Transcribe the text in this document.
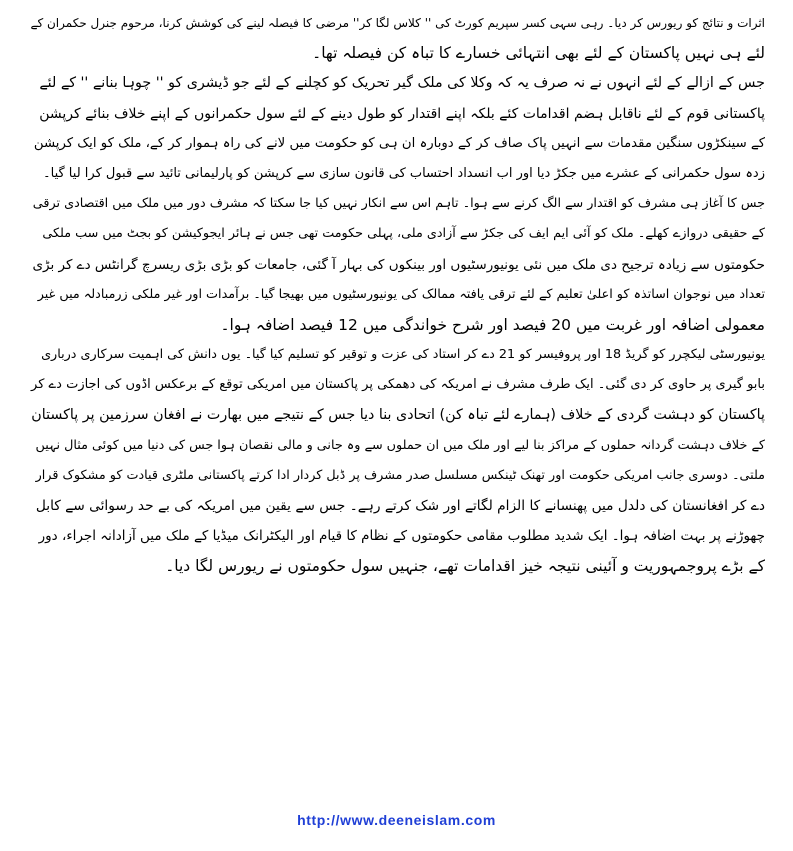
اثرات و نتائج کو ریورس کر دیا۔ رہی سہی کسر سپریم کورٹ کی '' کلاس لگا کر'' مرضی کا فیصلہ لینے کی کوشش کرنا، مرحوم جنرل حکمران کے
لئے ہی نہیں پاکستان کے لئے بھی انتہائی خسارے کا تباہ کن فیصلہ تھا۔
جس کے ازالے کے لئے انہوں نے نہ صرف یہ کہ وکلا کی ملک گیر تحریک کو کچلنے کے لئے جو ڈیشری کو '' چوہا بنانے '' کے لئے
پاکستانی قوم کے لئے ناقابل ہضم اقدامات کئے بلکہ اپنے اقتدار کو طول دینے کے لئے سول حکمرانوں کے اپنے خلاف بنائے کرپشن
کے سینکڑوں سنگین مقدمات سے انہیں پاک صاف کر کے دوبارہ ان ہی کو حکومت میں لانے کی راہ ہموار کر کے، ملک کو ایک کرپشن
زدہ سول حکمرانی کے عشرے میں جکڑ دیا اور اب انسداد احتساب کی قانون سازی سے کرپشن کو پارلیمانی تائید سے قبول کرا لیا گیا۔
جس کا آغاز ہی مشرف کو اقتدار سے الگ کرنے سے ہوا۔ تاہم اس سے انکار نہیں کیا جا سکتا کہ مشرف دور میں ملک میں اقتصادی ترقی
کے حقیقی دروازے کھلے۔ ملک کو آئی ایم ایف کی جکڑ سے آزادی ملی، پہلی حکومت تھی جس نے ہائر ایجوکیشن کو بجٹ میں سب ملکی
حکومتوں سے زیادہ ترجیح دی ملک میں نئی یونیورسٹیوں اور بینکوں کی بہار آ گئی، جامعات کو بڑی بڑی ریسرچ گرانٹس دے کر بڑی
تعداد میں نوجوان اساتذہ کو اعلیٰ تعلیم کے لئے ترقی یافتہ ممالک کی یونیورسٹیوں میں بھیجا گیا۔ برآمدات اور غیر ملکی زرمبادلہ میں غیر
معمولی اضافہ اور غربت میں 20 فیصد اور شرح خواندگی میں 12 فیصد اضافہ ہوا۔
یونیورسٹی لیکچرر کو گریڈ 18 اور پروفیسر کو 21 دے کر استاد کی عزت و توقیر کو تسلیم کیا گیا۔ یوں دانش کی اہمیت سرکاری درباری
بابو گیری پر حاوی کر دی گئی۔ ایک طرف مشرف نے امریکہ کی دھمکی پر پاکستان میں امریکی توقع کے برعکس اڈوں کی اجازت دے کر
پاکستان کو دہشت گردی کے خلاف (ہمارے لئے تباہ کن) اتحادی بنا دیا جس کے نتیجے میں بھارت نے افغان سرزمین پر پاکستان
کے خلاف دہشت گردانہ حملوں کے مراکز بنا لیے اور ملک میں ان حملوں سے وہ جانی و مالی نقصان ہوا جس کی دنیا میں کوئی مثال نہیں
ملتی۔ دوسری جانب امریکی حکومت اور تھنک ٹینکس مسلسل صدر مشرف پر ڈبل کردار ادا کرتے پاکستانی ملٹری قیادت کو مشکوک قرار
دے کر افغانستان کی دلدل میں پھنسانے کا الزام لگاتے اور شک کرتے رہے۔ جس سے یقین میں امریکہ کی بے حد رسوائی سے کابل
چھوڑنے پر بہت اضافہ ہوا۔ ایک شدید مطلوب مقامی حکومتوں کے نظام کا قیام اور الیکٹرانک میڈیا کے ملک میں آزادانہ اجراء، دور
کے بڑے پروجمہوریت و آئینی نتیجہ خیز اقدامات تھے، جنہیں سول حکومتوں نے ریورس لگا دیا۔
http://www.deeneislam.com
